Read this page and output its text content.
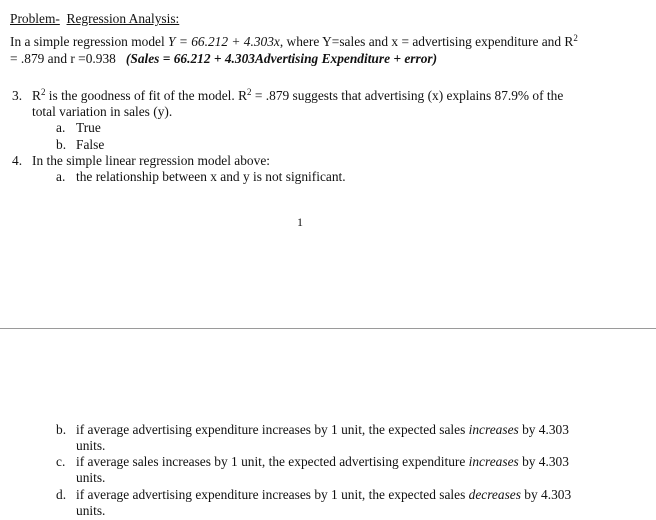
Problem- Regression Analysis:
In a simple regression model Y = 66.212 + 4.303x, where Y=sales and x = advertising expenditure and $R^2$
= .879 and r =0.938 (Sales = 66.212 + 4.303Advertising Expenditure + error)
3. $R^2$ is the goodness of fit of the model. $R^2 = .879$ suggests that advertising (x) explains 87.9% of the
total variation in sales (y).
a. True
b. False
4. In the simple linear regression model above:
a. the relationship between x and y is not significant.
1
b. if average advertising expenditure increases by 1 unit, the expected sales increases by 4.303
units.
c. if average sales increases by 1 unit, the expected advertising expenditure increases by 4.303
units.
d. if average advertising expenditure increases by 1 unit, the expected sales decreases by 4.303
units.
